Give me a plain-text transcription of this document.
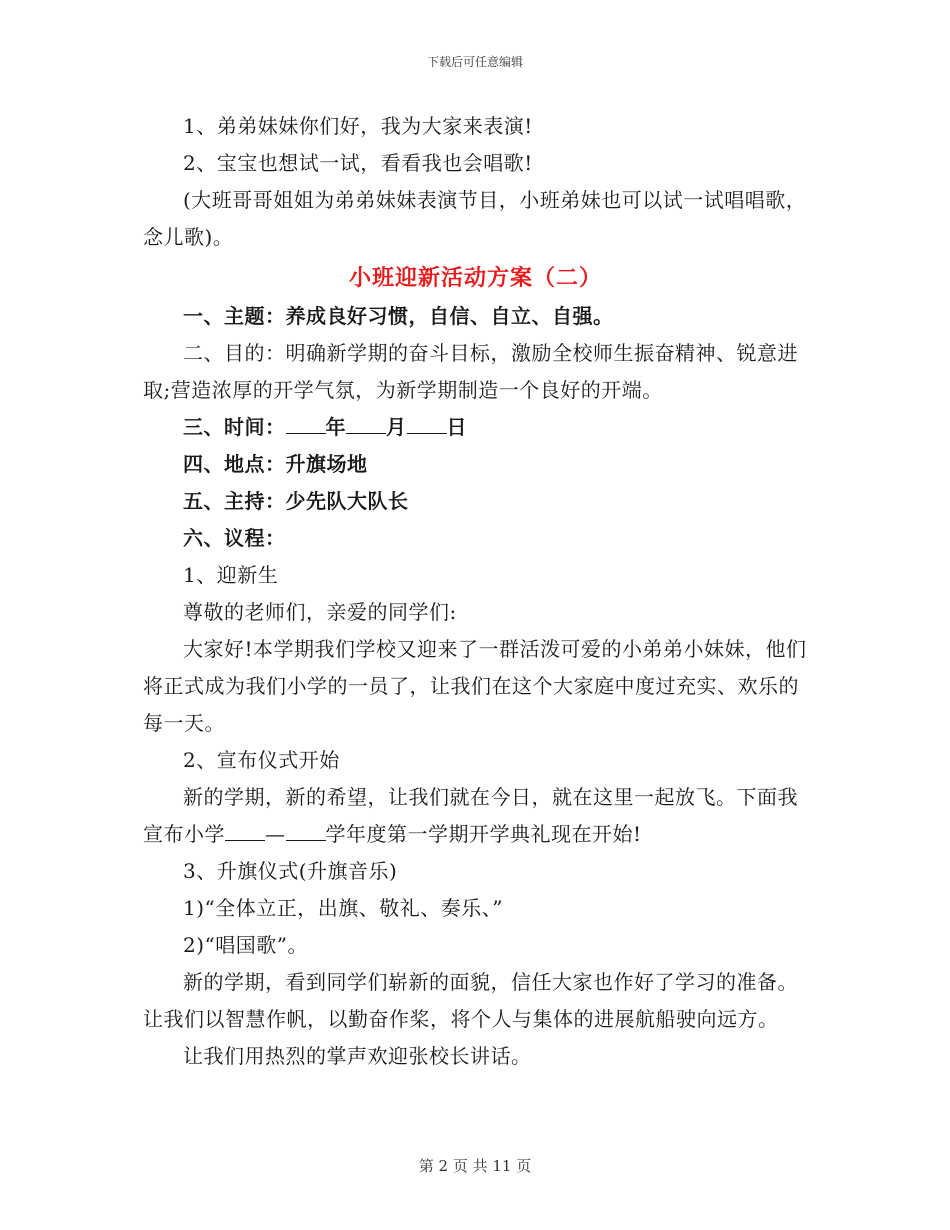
下载后可任意编辑

1、弟弟妹妹你们好，我为大家来表演!

2、宝宝也想试一试，看看我也会唱歌!

(大班哥哥姐姐为弟弟妹妹表演节目，小班弟妹也可以试一试唱唱歌，念儿歌)。

小班迎新活动方案（二）

一、主题：养成良好习惯，自信、自立、自强。

二、目的：明确新学期的奋斗目标，激励全校师生振奋精神、锐意进取;营造浓厚的开学气氛，为新学期制造一个良好的开端。

三、时间： 年 月 日

四、地点：升旗场地

五、主持：少先队大队长

六、议程：

1、迎新生

尊敬的老师们，亲爱的同学们:

大家好!本学期我们学校又迎来了一群活泼可爱的小弟弟小妹妹，他们将正式成为我们小学的一员了，让我们在这个大家庭中度过充实、欢乐的每一天。

2、宣布仪式开始

新的学期，新的希望，让我们就在今日，就在这里一起放飞。下面我宣布小学 — 学年度第一学期开学典礼现在开始!

3、升旗仪式(升旗音乐)

1)“全体立正，出旗、敬礼、奏乐、”

2)“唱国歌”。

新的学期，看到同学们崭新的面貌，信任大家也作好了学习的准备。让我们以智慧作帆，以勤奋作桨，将个人与集体的进展航船驶向远方。

让我们用热烈的掌声欢迎张校长讲话。

第 2 页 共 11 页
